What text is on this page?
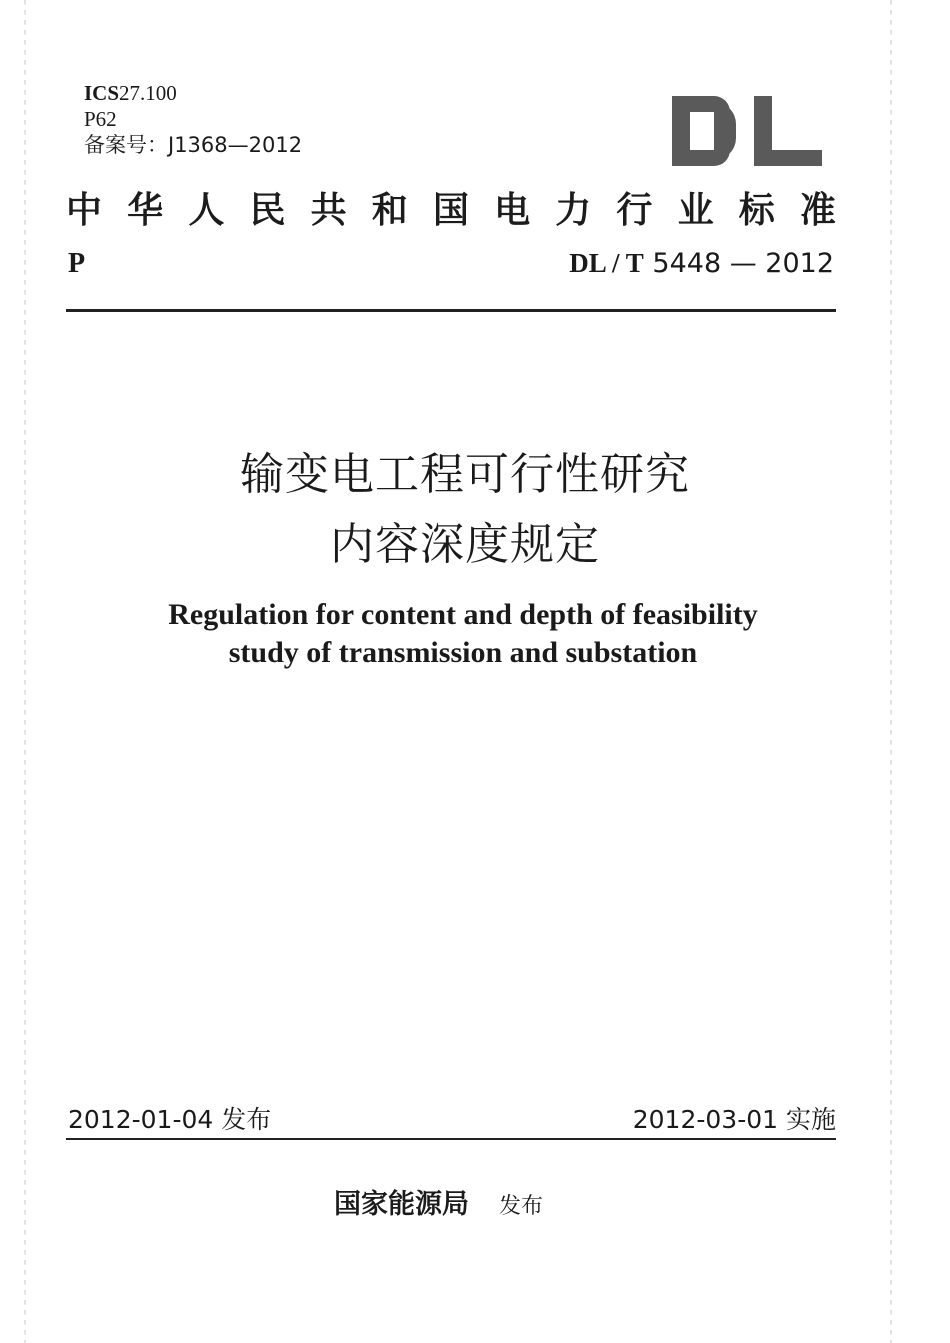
ICS27.100
P62
备案号：J1368—2012
中 华 人 民 共 和 国 电 力 行 业 标 准
P	DL / T 5448 — 2012
输变电工程可行性研究
内容深度规定
Regulation for content and depth of feasibility
study of transmission and substation
2012-01-04 发布	2012-03-01 实施
国家能源局 发布
